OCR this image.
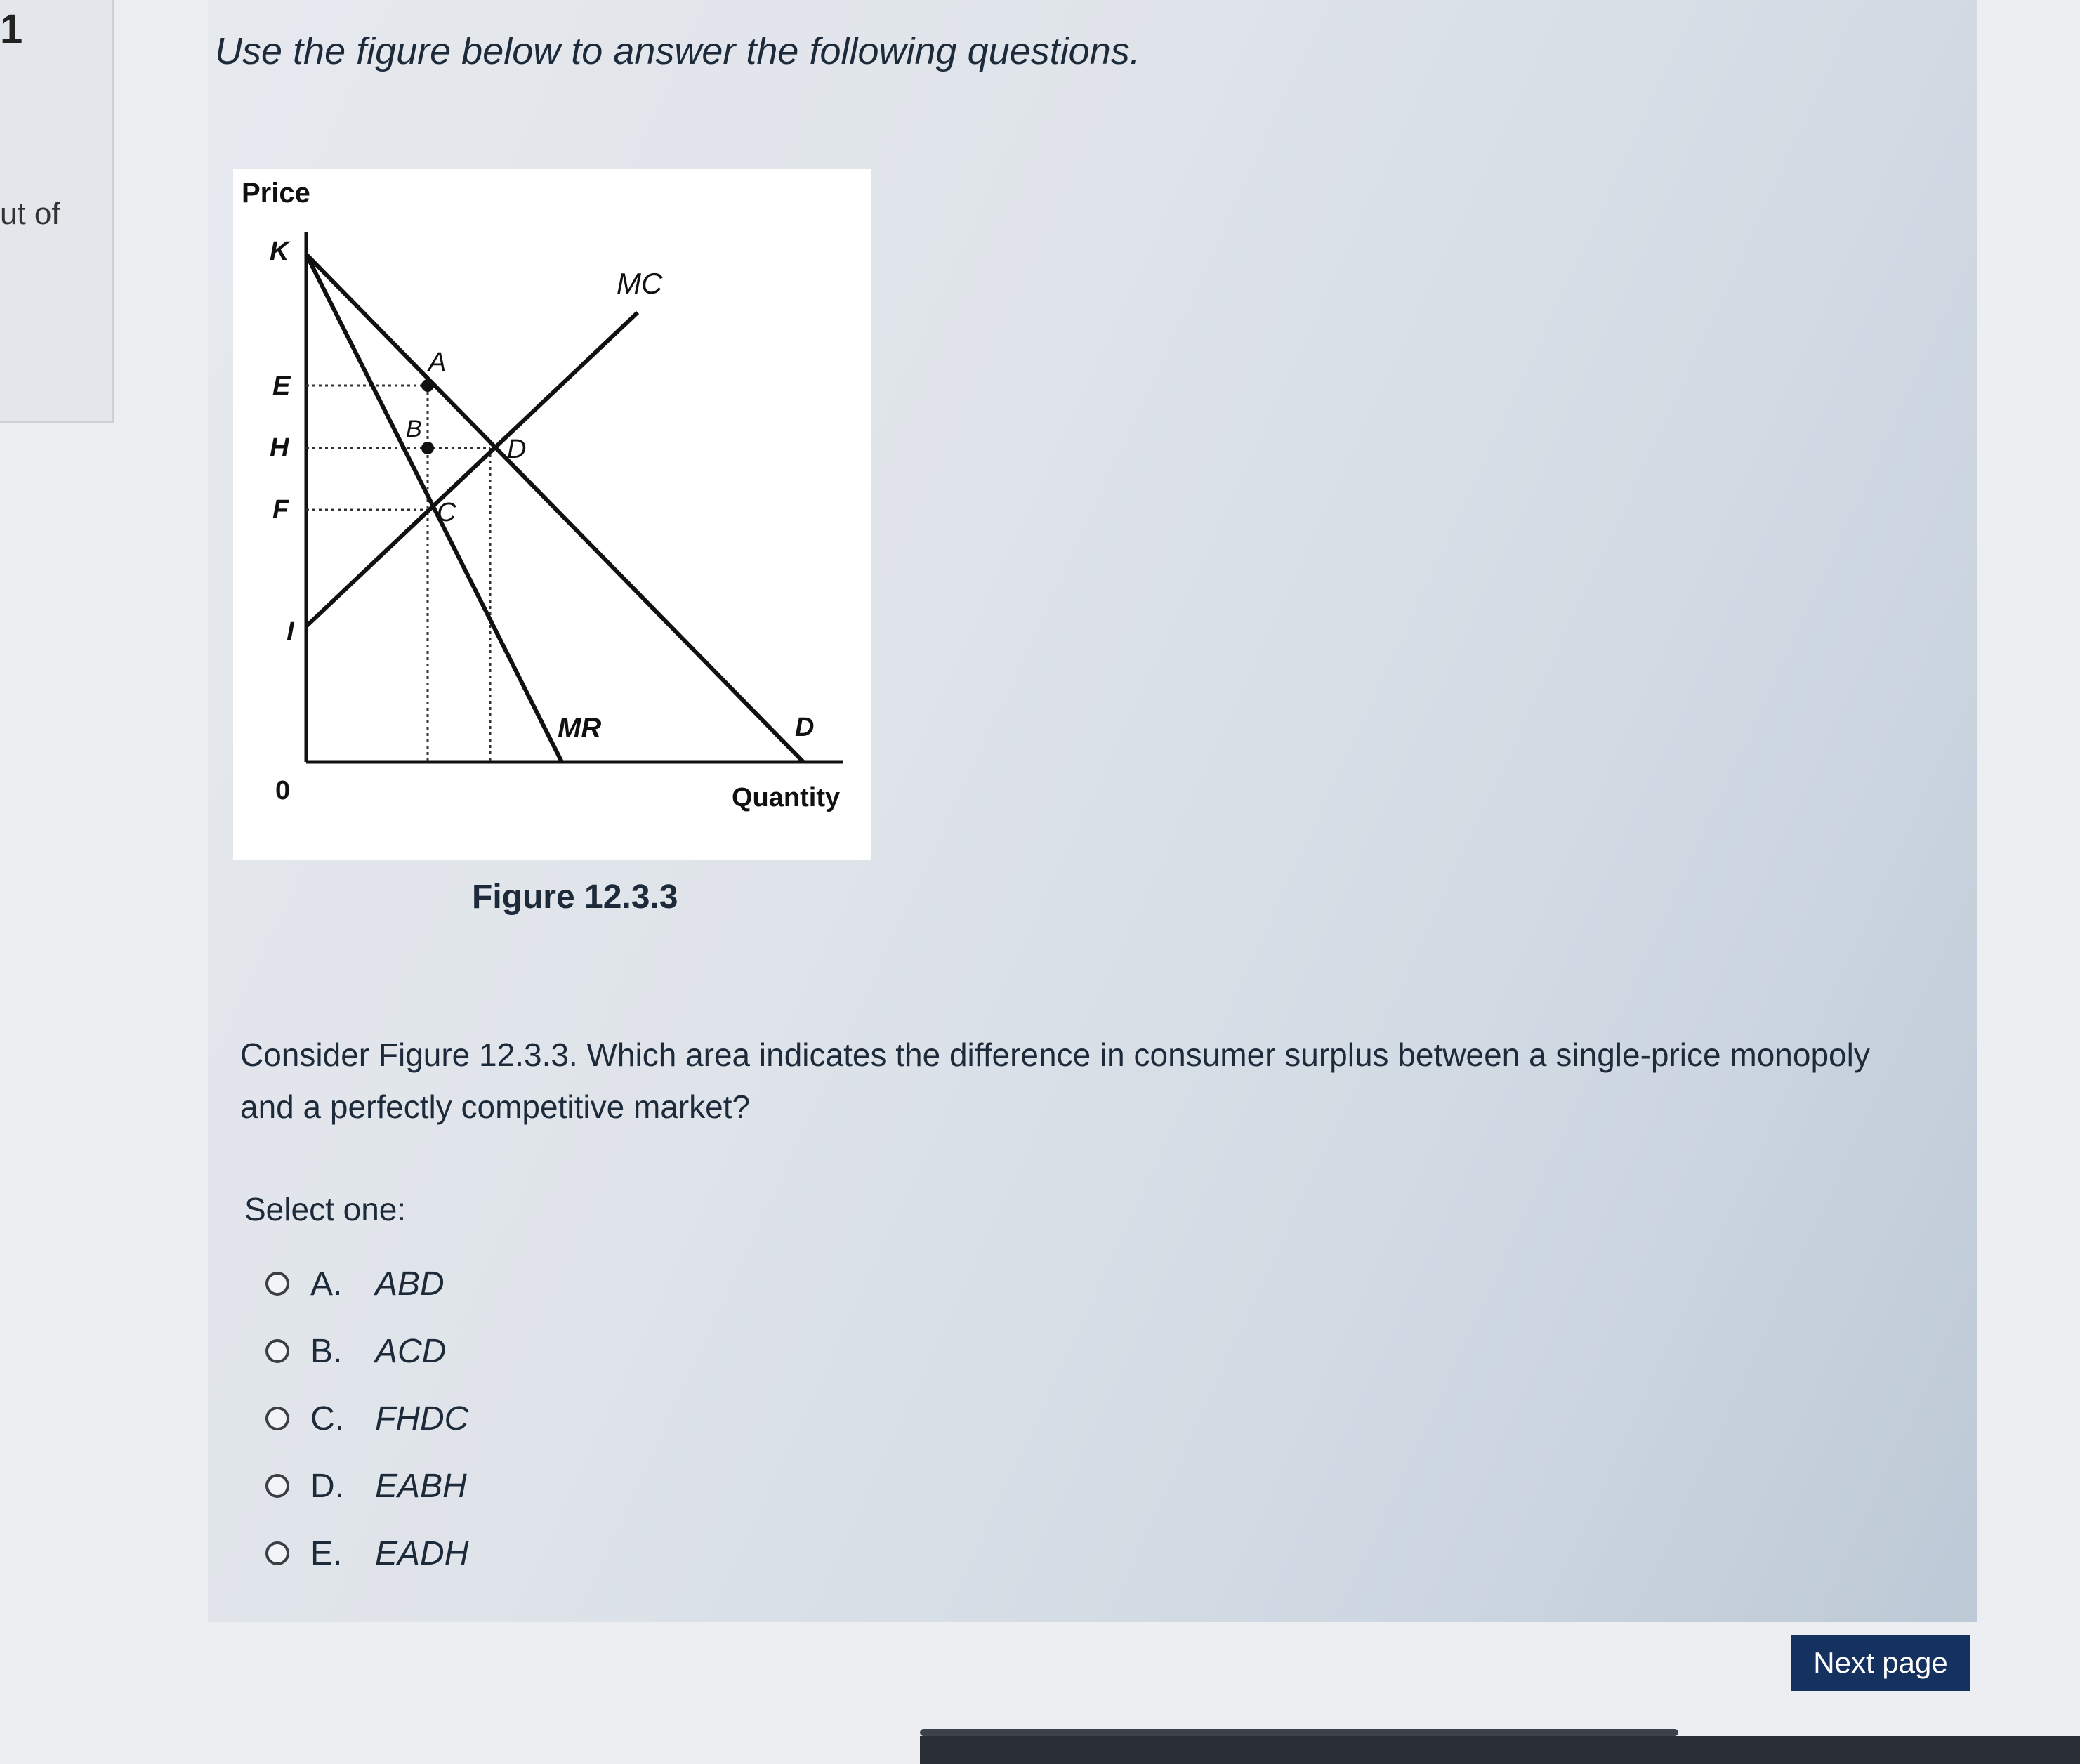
1
ut of
Use the figure below to answer the following questions.
Price
Quantity
0
K
E
H
F
I
MC
MR	D
A
B
C
D
Figure 12.3.3
Consider Figure 12.3.3. Which area indicates the difference in consumer surplus between a single-price monopoly and a perfectly competitive market?
Select one:
A. ABD
B. ACD
C. FHDC
D. EABH
E. EADH
Next page
